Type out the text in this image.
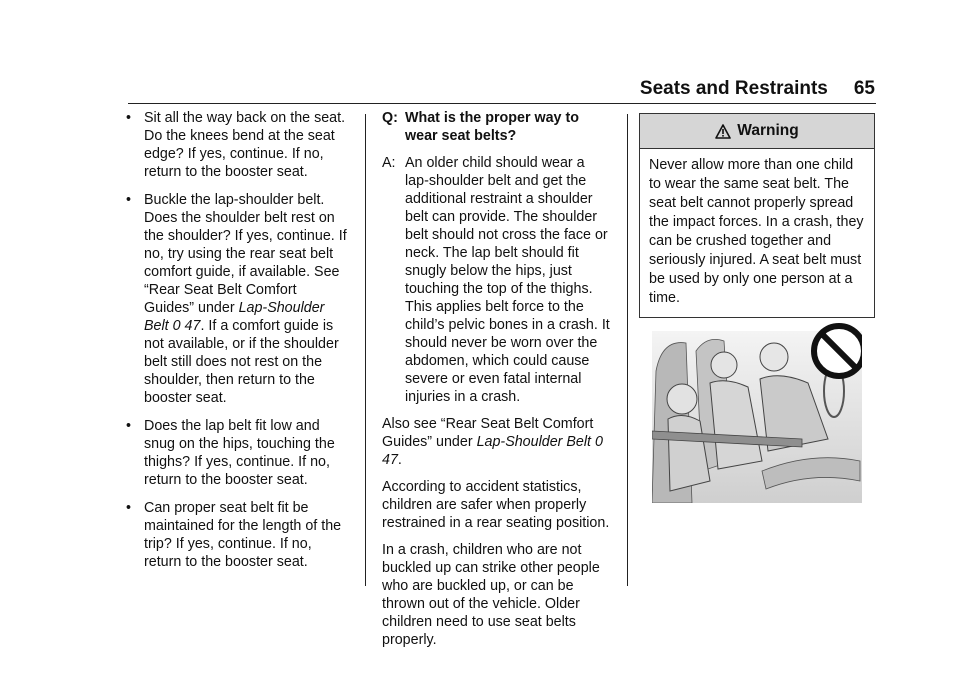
Seats and Restraints 65
• Sit all the way back on the seat. Do the knees bend at the seat edge? If yes, continue. If no, return to the booster seat.
• Buckle the lap-shoulder belt. Does the shoulder belt rest on the shoulder? If yes, continue. If no, try using the rear seat belt comfort guide, if available. See “Rear Seat Belt Comfort Guides” under Lap-Shoulder Belt 0 47. If a comfort guide is not available, or if the shoulder belt still does not rest on the shoulder, then return to the booster seat.
• Does the lap belt fit low and snug on the hips, touching the thighs? If yes, continue. If no, return to the booster seat.
• Can proper seat belt fit be maintained for the length of the trip? If yes, continue. If no, return to the booster seat.
Q: What is the proper way to wear seat belts?
A: An older child should wear a lap-shoulder belt and get the additional restraint a shoulder belt can provide. The shoulder belt should not cross the face or neck. The lap belt should fit snugly below the hips, just touching the top of the thighs. This applies belt force to the child’s pelvic bones in a crash. It should never be worn over the abdomen, which could cause severe or even fatal internal injuries in a crash.

Also see “Rear Seat Belt Comfort Guides” under Lap-Shoulder Belt 0 47.

According to accident statistics, children are safer when properly restrained in a rear seating position.

In a crash, children who are not buckled up can strike other people who are buckled up, or can be thrown out of the vehicle. Older children need to use seat belts properly.

Warning
Never allow more than one child to wear the same seat belt. The seat belt cannot properly spread the impact forces. In a crash, they can be crushed together and seriously injured. A seat belt must be used by only one person at a time.
